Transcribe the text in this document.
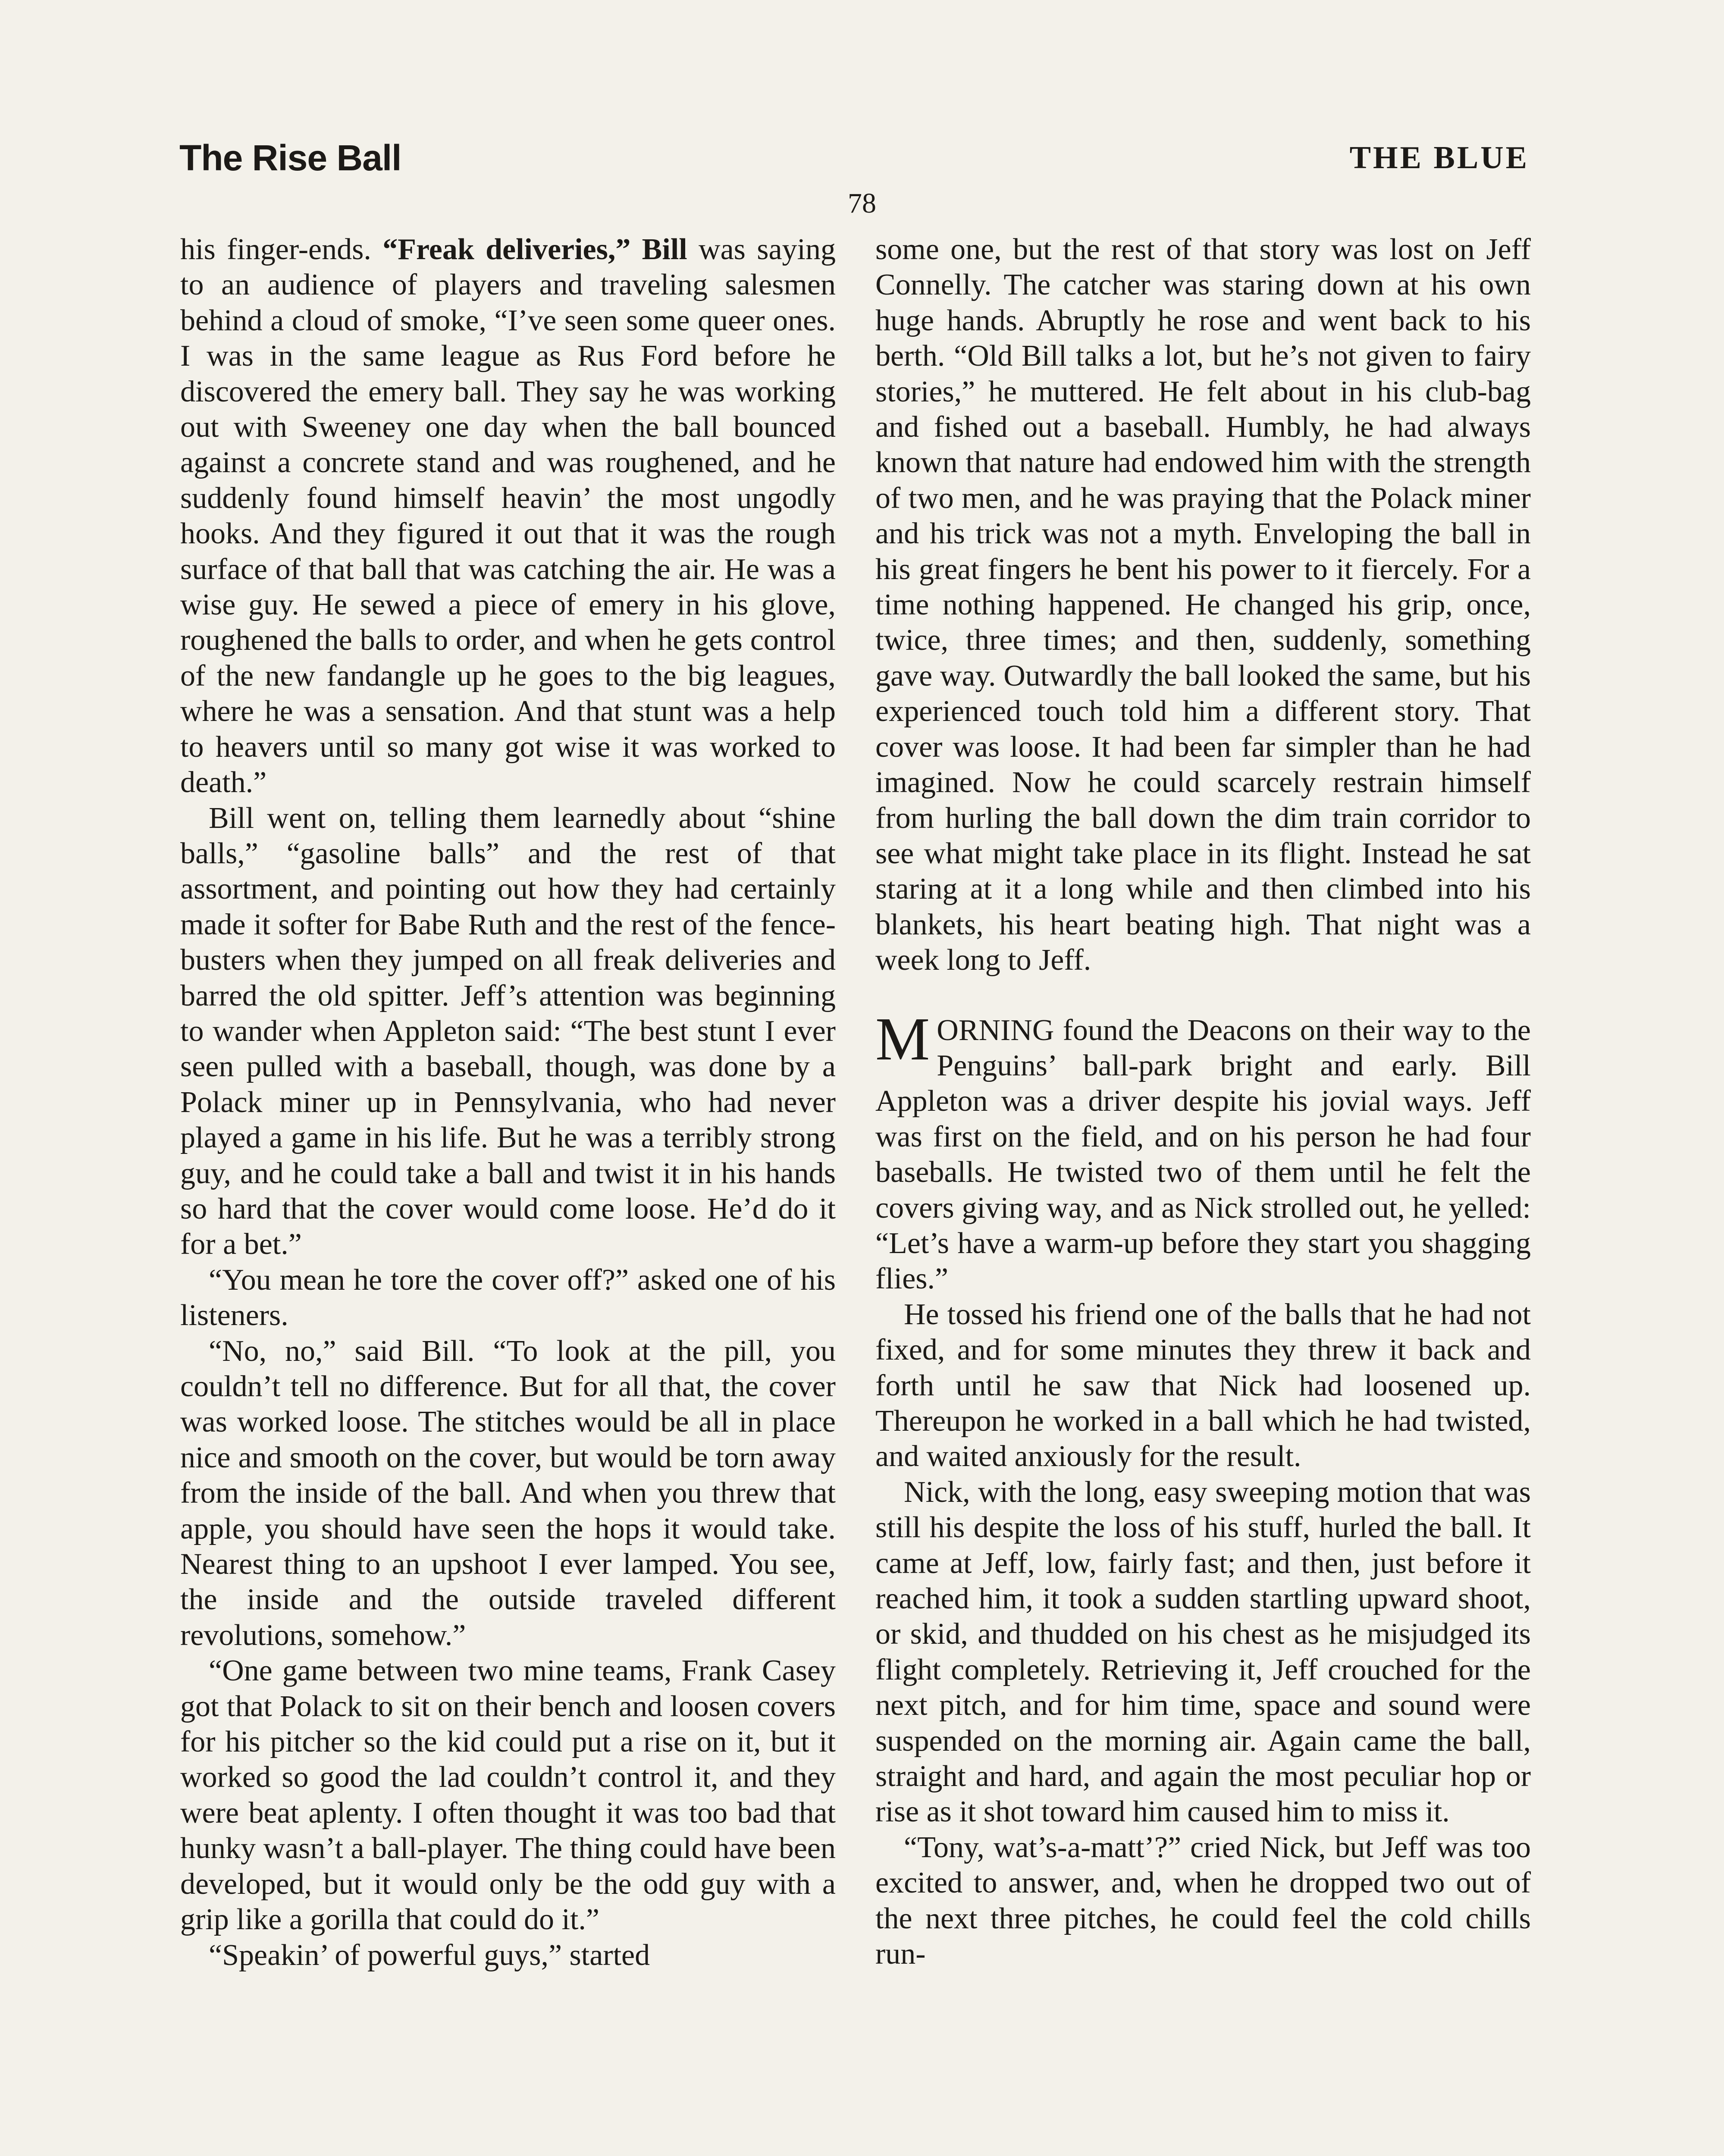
The Rise Ball	THE BLUE
78

his finger-ends. “Freak deliveries,” Bill was saying to an audience of players and traveling salesmen behind a cloud of smoke, “I’ve seen some queer ones. I was in the same league as Rus Ford before he discovered the emery ball. They say he was working out with Sweeney one day when the ball bounced against a concrete stand and was roughened, and he suddenly found himself heavin’ the most ungodly hooks. And they figured it out that it was the rough surface of that ball that was catching the air. He was a wise guy. He sewed a piece of emery in his glove, roughened the balls to order, and when he gets control of the new fandangle up he goes to the big leagues, where he was a sensation. And that stunt was a help to heavers until so many got wise it was worked to death.”

Bill went on, telling them learnedly about “shine balls,” “gasoline balls” and the rest of that assortment, and pointing out how they had certainly made it softer for Babe Ruth and the rest of the fence-busters when they jumped on all freak deliveries and barred the old spitter. Jeff’s attention was beginning to wander when Appleton said: “The best stunt I ever seen pulled with a baseball, though, was done by a Polack miner up in Pennsylvania, who had never played a game in his life. But he was a terribly strong guy, and he could take a ball and twist it in his hands so hard that the cover would come loose. He’d do it for a bet.”

“You mean he tore the cover off?” asked one of his listeners.

“No, no,” said Bill. “To look at the pill, you couldn’t tell no difference. But for all that, the cover was worked loose. The stitches would be all in place nice and smooth on the cover, but would be torn away from the inside of the ball. And when you threw that apple, you should have seen the hops it would take. Nearest thing to an upshoot I ever lamped. You see, the inside and the outside traveled different revolutions, somehow.”

“One game between two mine teams, Frank Casey got that Polack to sit on their bench and loosen covers for his pitcher so the kid could put a rise on it, but it worked so good the lad couldn’t control it, and they were beat aplenty. I often thought it was too bad that hunky wasn’t a ball-player. The thing could have been developed, but it would only be the odd guy with a grip like a gorilla that could do it.”

“Speakin’ of powerful guys,” started

some one, but the rest of that story was lost on Jeff Connelly. The catcher was staring down at his own huge hands. Abruptly he rose and went back to his berth. “Old Bill talks a lot, but he’s not given to fairy stories,” he muttered. He felt about in his club-bag and fished out a baseball. Humbly, he had always known that nature had endowed him with the strength of two men, and he was praying that the Polack miner and his trick was not a myth. Enveloping the ball in his great fingers he bent his power to it fiercely. For a time nothing happened. He changed his grip, once, twice, three times; and then, suddenly, something gave way. Outwardly the ball looked the same, but his experienced touch told him a different story. That cover was loose. It had been far simpler than he had imagined. Now he could scarcely restrain himself from hurling the ball down the dim train corridor to see what might take place in its flight. Instead he sat staring at it a long while and then climbed into his blankets, his heart beating high. That night was a week long to Jeff.

MORNING found the Deacons on their way to the Penguins’ ball-park bright and early. Bill Appleton was a driver despite his jovial ways. Jeff was first on the field, and on his person he had four baseballs. He twisted two of them until he felt the covers giving way, and as Nick strolled out, he yelled: “Let’s have a warm-up before they start you shagging flies.”

He tossed his friend one of the balls that he had not fixed, and for some minutes they threw it back and forth until he saw that Nick had loosened up. Thereupon he worked in a ball which he had twisted, and waited anxiously for the result.

Nick, with the long, easy sweeping motion that was still his despite the loss of his stuff, hurled the ball. It came at Jeff, low, fairly fast; and then, just before it reached him, it took a sudden startling upward shoot, or skid, and thudded on his chest as he misjudged its flight completely. Retrieving it, Jeff crouched for the next pitch, and for him time, space and sound were suspended on the morning air. Again came the ball, straight and hard, and again the most peculiar hop or rise as it shot toward him caused him to miss it.

“Tony, wat’s-a-matt’?” cried Nick, but Jeff was too excited to answer, and, when he dropped two out of the next three pitches, he could feel the cold chills run-
